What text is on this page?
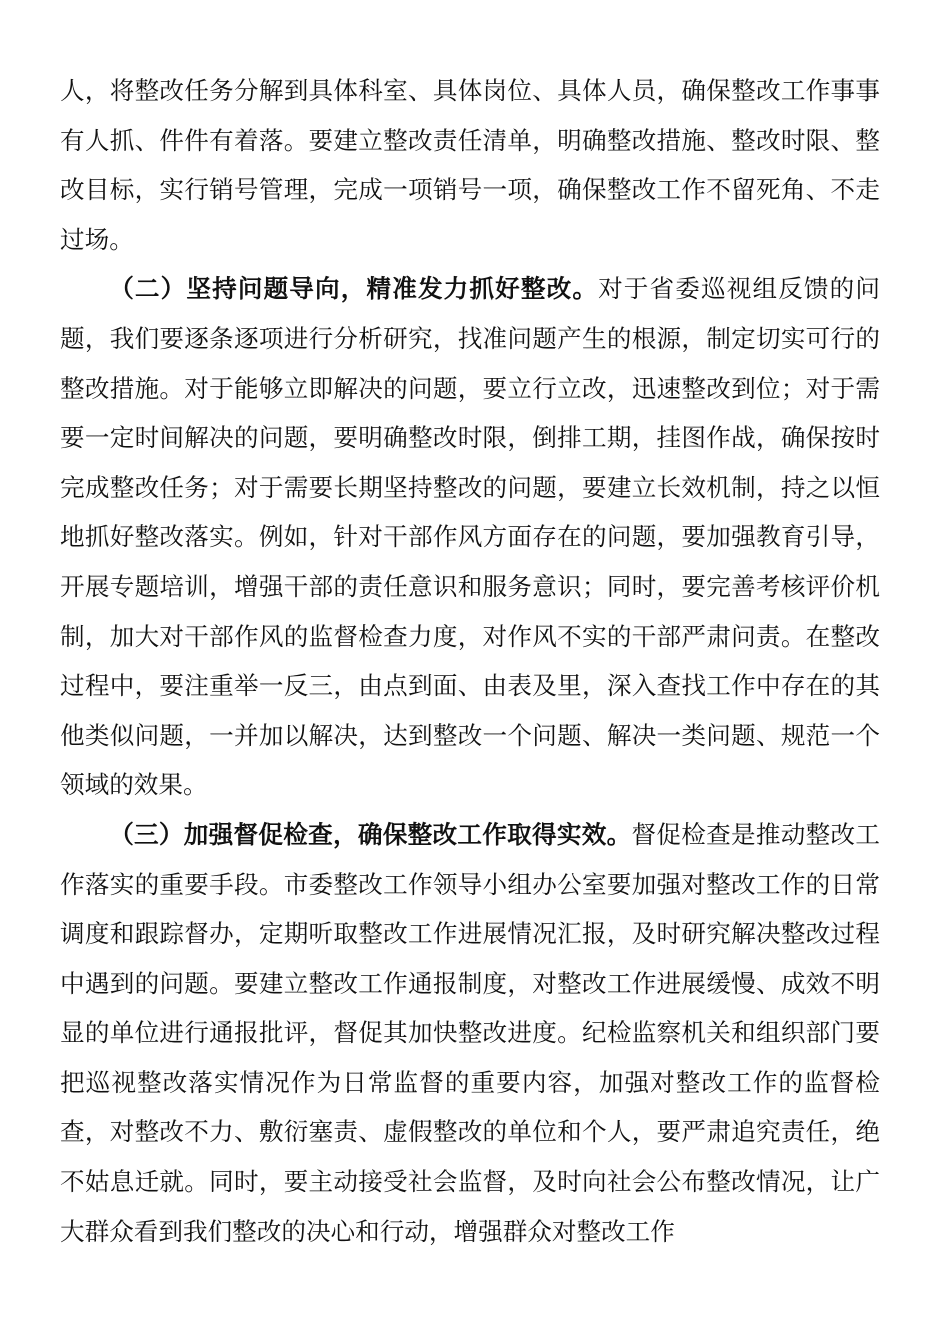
人，将整改任务分解到具体科室、具体岗位、具体人员，确保整改工作事事有人抓、件件有着落。要建立整改责任清单，明确整改措施、整改时限、整改目标，实行销号管理，完成一项销号一项，确保整改工作不留死角、不走过场。

（二）坚持问题导向，精准发力抓好整改。对于省委巡视组反馈的问题，我们要逐条逐项进行分析研究，找准问题产生的根源，制定切实可行的整改措施。对于能够立即解决的问题，要立行立改，迅速整改到位；对于需要一定时间解决的问题，要明确整改时限，倒排工期，挂图作战，确保按时完成整改任务；对于需要长期坚持整改的问题，要建立长效机制，持之以恒地抓好整改落实。例如，针对干部作风方面存在的问题，要加强教育引导，开展专题培训，增强干部的责任意识和服务意识；同时，要完善考核评价机制，加大对干部作风的监督检查力度，对作风不实的干部严肃问责。在整改过程中，要注重举一反三，由点到面、由表及里，深入查找工作中存在的其他类似问题，一并加以解决，达到整改一个问题、解决一类问题、规范一个领域的效果。

（三）加强督促检查，确保整改工作取得实效。督促检查是推动整改工作落实的重要手段。市委整改工作领导小组办公室要加强对整改工作的日常调度和跟踪督办，定期听取整改工作进展情况汇报，及时研究解决整改过程中遇到的问题。要建立整改工作通报制度，对整改工作进展缓慢、成效不明显的单位进行通报批评，督促其加快整改进度。纪检监察机关和组织部门要把巡视整改落实情况作为日常监督的重要内容，加强对整改工作的监督检查，对整改不力、敷衍塞责、虚假整改的单位和个人，要严肃追究责任，绝不姑息迁就。同时，要主动接受社会监督，及时向社会公布整改情况，让广大群众看到我们整改的决心和行动，增强群众对整改工作
